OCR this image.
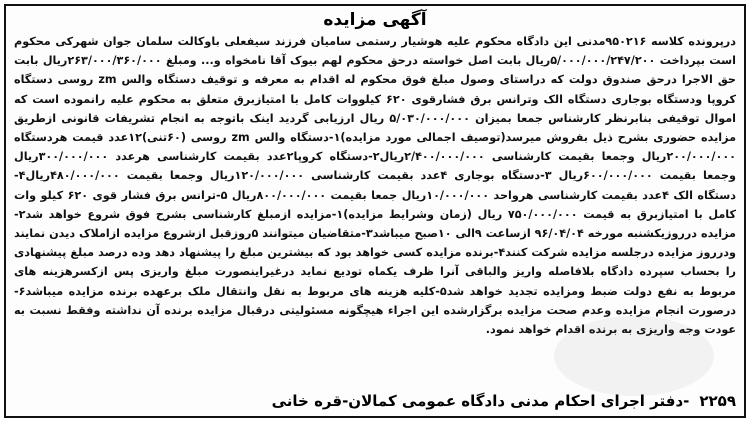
آگهی مزایده
درپرونده کلاسه ۹۵۰۲۱۶مدنی این دادگاه محکوم علیه هوشیار رستمی سامیان فرزند سیفعلی باوکالت سلمان جوان شهرکی محکوم است بپرداخت ۵/۰۰۰/۰۰۰/۲۴۷/۲۰۰ریال بابت اصل خواسته درحق محکوم لهم بیوک آقا نامخواه و... ومبلغ ۲۶۳/۰۰۰/۳۶۰/۰۰۰ریال بابت حق الاجرا درحق صندوق دولت که دراستای وصول مبلغ فوق محکوم له اقدام به معرفه و توقیف دستگاه والس zm روسی دستگاه کروپا ودستگاه بوجاری دستگاه الک وترانس برق فشارقوی ۶۲۰ کیلووات کامل با امتیازبرق متعلق به محکوم علیه رانموده است که اموال توقیفی بنابرنظر کارشناس جمعا بمیزان ۵/۰۳۰/۰۰۰/۰۰۰ ریال ارزیابی گردید اینک باتوجه به انجام تشریفات قانونی ازطریق مزایده حضوری بشرح ذیل بفروش میرسد(توصیف اجمالی مورد مزایده)۱-دستگاه والس zm روسی (۶۰تنی)۱۲عدد قیمت هردستگاه ۲۰۰/۰۰۰/۰۰۰ریال وجمعا بقیمت کارشناسی ۲/۴۰۰/۰۰۰/۰۰۰ریال۲-دستگاه کروپا۲عدد بقیمت کارشناسی هرعدد ۳۰۰/۰۰۰/۰۰۰ریال وجمعا بقیمت ۶۰۰/۰۰۰/۰۰۰ریال ۳-دستگاه بوجاری ۴عدد بقیمت کارشناسی ۱۲۰/۰۰۰/۰۰۰ریال وجمعا بقیمت ۴۸۰/۰۰۰/۰۰۰ریال۴-دستگاه الک ۴عدد بقیمت کارشناسی هرواحد ۱۰/۰۰۰/۰۰۰ریال جمعا بقیمت ۸۰۰/۰۰۰/۰۰۰ریال ۵-ترانس برق فشار قوی ۶۲۰ کیلو وات کامل با امتیازبرق به قیمت ۷۵۰/۰۰۰/۰۰۰ ریال (زمان وشرایط مزایده)۱-مزایده ازمبلغ کارشناسی بشرح فوق شروع خواهد شد۲-مزایده درروزیکشنبه مورخه ۹۶/۰۴/۰۴ ازساعت ۹الی ۱۰صبح میباشد۳-متقاضیان میتوانند ۵روزقبل ازشروع مزایده ازاملاک دیدن نمایند ودرروز مزایده درجلسه مزایده شرکت کنند۴-برنده مزایده کسی خواهد بود که بیشترین مبلغ را پیشنهاد دهد وده درصد مبلغ پیشنهادی را بحساب سپرده دادگاه بلافاصله واریز والباقی آنرا ظرف یکماه تودیع نماید درغیراینصورت مبلغ واریزی پس ازکسرهزینه های مربوط به نفع دولت ضبط ومزایده تجدید خواهد شد۵-کلیه هزینه های مربوط به نقل وانتقال ملک برعهده برنده مزایده میباشد۶-درصورت انجام مزایده وعدم صحت مزایده برگزارشده این اجراء هیچگونه مسئولیتی درقبال مزایده برنده آن نداشته وفقط نسبت به عودت وجه واریزی به برنده اقدام خواهد نمود.
۲۲۵۹
-دفتر اجرای احکام مدنی دادگاه عمومی کمالان-قره خانی
